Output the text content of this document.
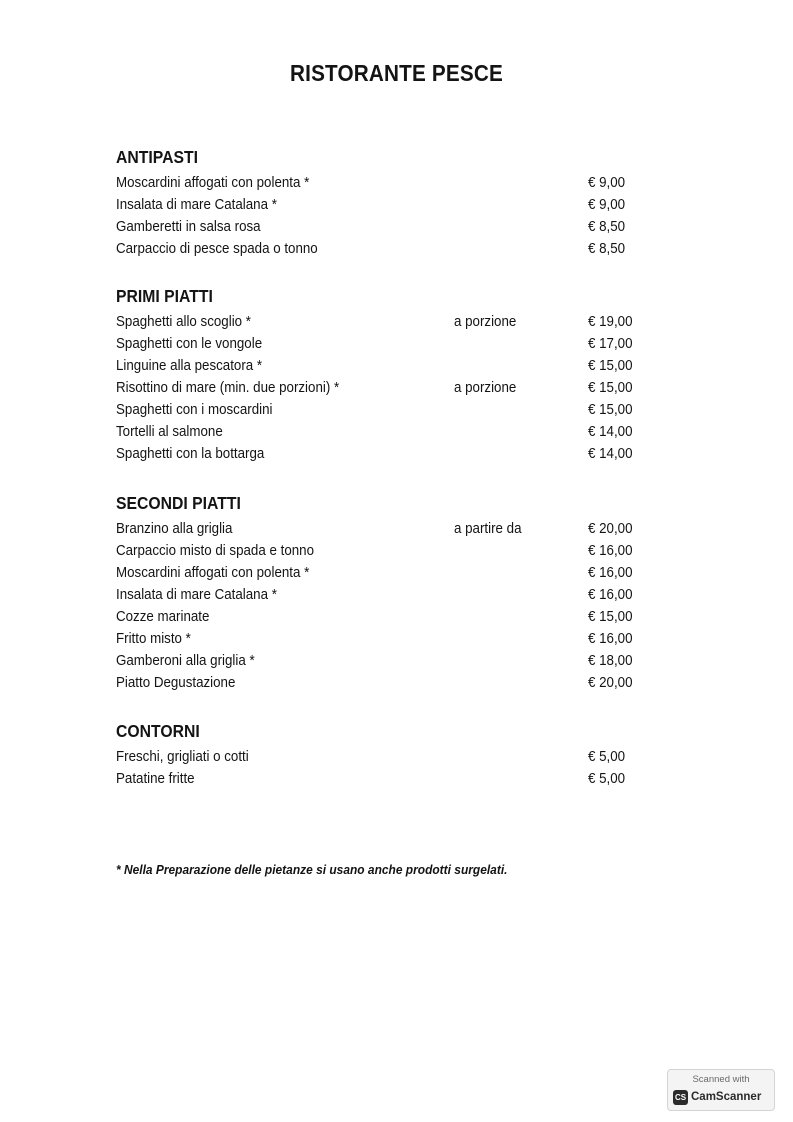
RISTORANTE PESCE
ANTIPASTI
Moscardini affogati con polenta *	€ 9,00
Insalata di mare Catalana *	€ 9,00
Gamberetti in salsa rosa	€ 8,50
Carpaccio di pesce spada o tonno	€ 8,50
PRIMI PIATTI
Spaghetti allo scoglio *	a porzione	€ 19,00
Spaghetti con le vongole	€ 17,00
Linguine alla pescatora *	€ 15,00
Risottino di mare (min. due porzioni) *	a porzione	€ 15,00
Spaghetti con i moscardini	€ 15,00
Tortelli al salmone	€ 14,00
Spaghetti con la bottarga	€ 14,00
SECONDI PIATTI
Branzino alla griglia	a partire da	€ 20,00
Carpaccio misto di spada e tonno	€ 16,00
Moscardini affogati con polenta *	€ 16,00
Insalata di mare Catalana *	€ 16,00
Cozze marinate	€ 15,00
Fritto misto *	€ 16,00
Gamberoni alla griglia *	€ 18,00
Piatto Degustazione	€ 20,00
CONTORNI
Freschi, grigliati o cotti	€ 5,00
Patatine fritte	€ 5,00
* Nella Preparazione delle pietanze si usano anche prodotti surgelati.
Scanned with
CS CamScanner
